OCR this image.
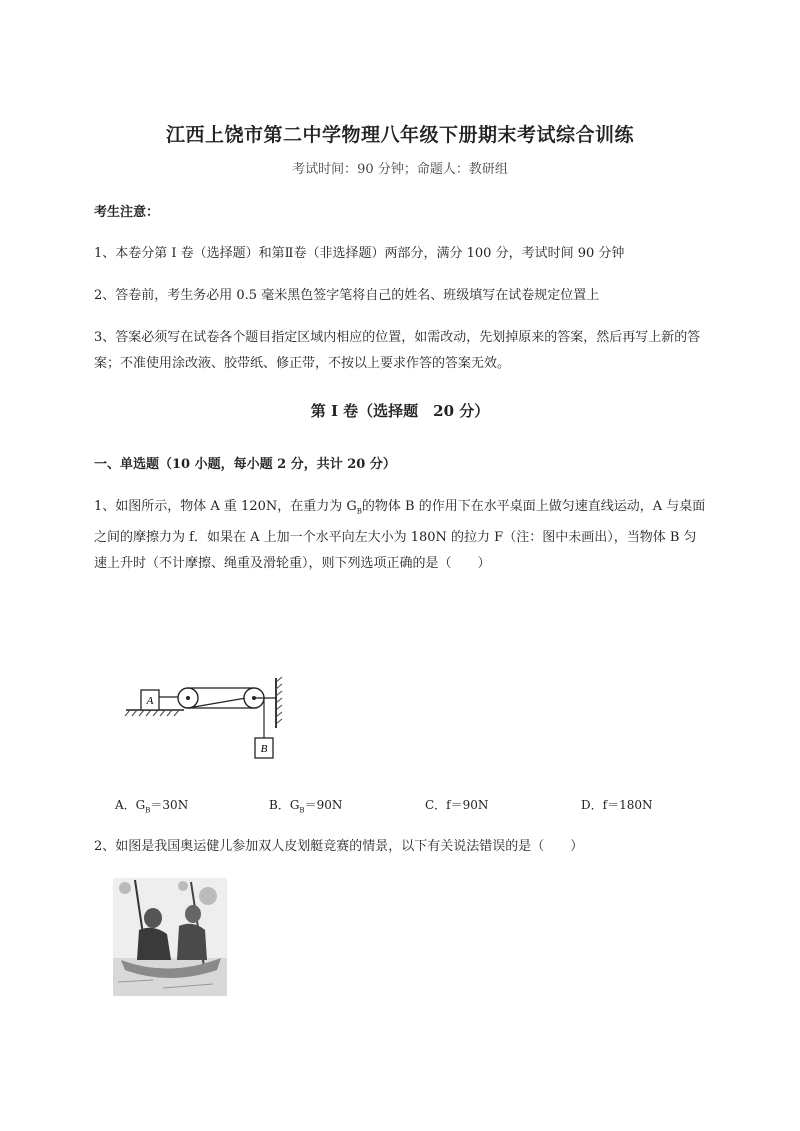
江西上饶市第二中学物理八年级下册期末考试综合训练
考试时间：90 分钟；命题人：教研组
考生注意：
1、本卷分第 I 卷（选择题）和第Ⅱ卷（非选择题）两部分，满分 100 分，考试时间 90 分钟
2、答卷前，考生务必用 0.5 毫米黑色签字笔将自己的姓名、班级填写在试卷规定位置上
3、答案必须写在试卷各个题目指定区域内相应的位置，如需改动，先划掉原来的答案，然后再写上新的答案；不准使用涂改液、胶带纸、修正带，不按以上要求作答的答案无效。
第 I 卷（选择题　20 分）
一、单选题（10 小题，每小题 2 分，共计 20 分）
1、如图所示，物体 A 重 120N，在重力为 $G_B$的物体 B 的作用下在水平桌面上做匀速直线运动，A 与桌面之间的摩擦力为 f．如果在 A 上加一个水平向左大小为 180N 的拉力 F（注：图中未画出），当物体 B 匀速上升时（不计摩擦、绳重及滑轮重），则下列选项正确的是（　　）
A
B
A．$G_B=30N$	B．$G_B=90N$	C．f＝90N	D．f＝180N
2、如图是我国奥运健儿参加双人皮划艇竞赛的情景，以下有关说法错误的是（　　）
